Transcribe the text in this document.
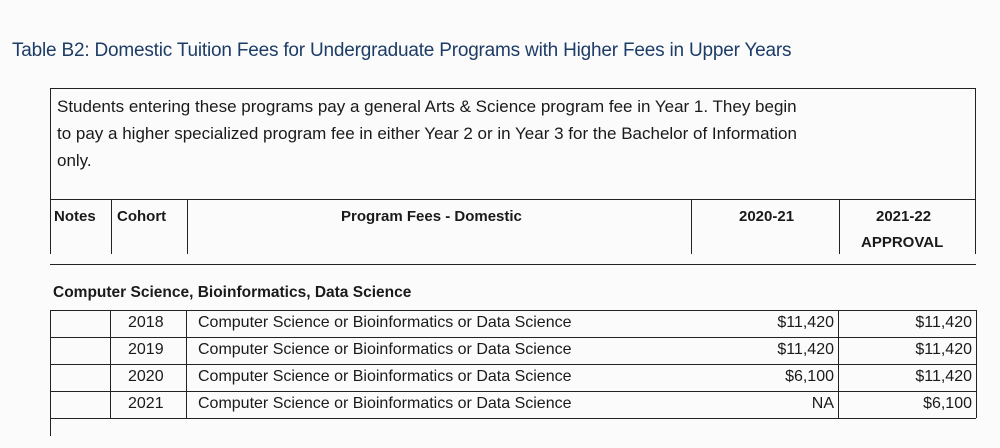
Table B2: Domestic Tuition Fees for Undergraduate Programs with Higher Fees in Upper Years
Students entering these programs pay a general Arts & Science program fee in Year 1. They begin
to pay a higher specialized program fee in either Year 2 or in Year 3 for the Bachelor of Information
only.
Notes Cohort	Program Fees - Domestic	2020-21	2021-22
APPROVAL
Computer Science, Bioinformatics, Data Science
2018 Computer Science or Bioinformatics or Data Science	$11,420	$11,420
2019 Computer Science or Bioinformatics or Data Science	$11,420	$11,420
2020 Computer Science or Bioinformatics or Data Science	$6,100	$11,420
2021 Computer Science or Bioinformatics or Data Science	NA	$6,100
